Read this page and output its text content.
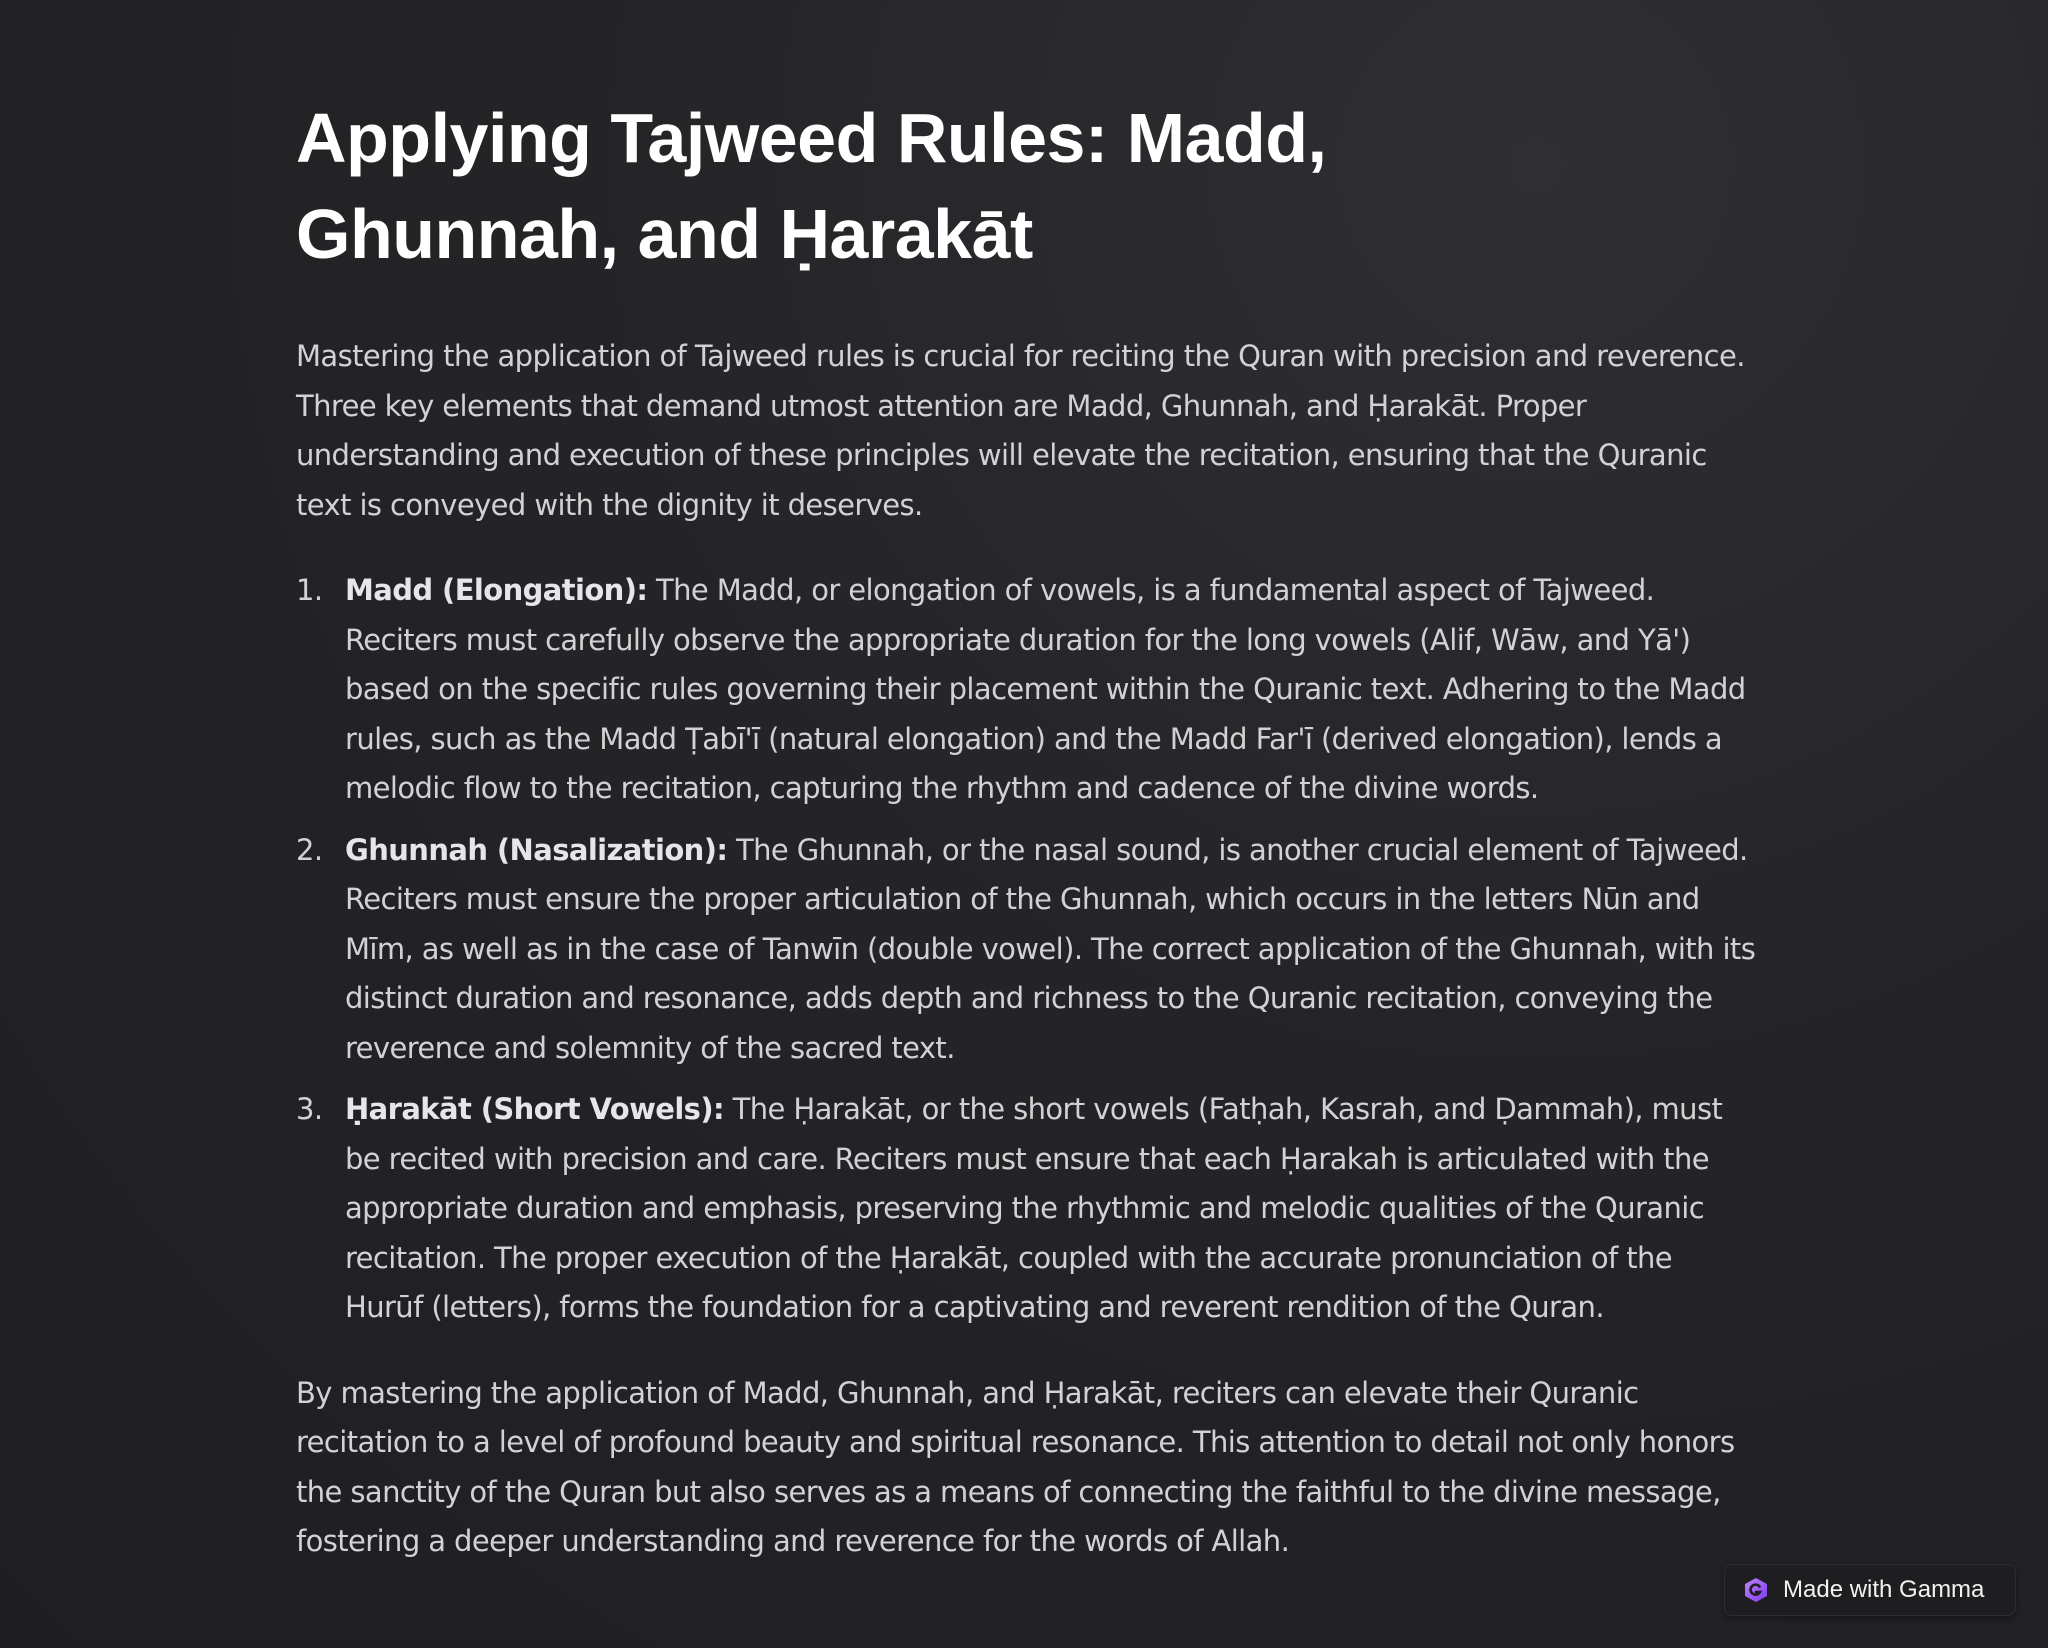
Applying Tajweed Rules: Madd,
Ghunnah, and Ḥarakāt

Mastering the application of Tajweed rules is crucial for reciting the Quran with precision and reverence. Three key elements that demand utmost attention are Madd, Ghunnah, and Ḥarakāt. Proper understanding and execution of these principles will elevate the recitation, ensuring that the Quranic text is conveyed with the dignity it deserves.

1. Madd (Elongation): The Madd, or elongation of vowels, is a fundamental aspect of Tajweed. Reciters must carefully observe the appropriate duration for the long vowels (Alif, Wāw, and Yā') based on the specific rules governing their placement within the Quranic text. Adhering to the Madd rules, such as the Madd Ṭabī'ī (natural elongation) and the Madd Far'ī (derived elongation), lends a melodic flow to the recitation, capturing the rhythm and cadence of the divine words.
2. Ghunnah (Nasalization): The Ghunnah, or the nasal sound, is another crucial element of Tajweed. Reciters must ensure the proper articulation of the Ghunnah, which occurs in the letters Nūn and Mīm, as well as in the case of Tanwīn (double vowel). The correct application of the Ghunnah, with its distinct duration and resonance, adds depth and richness to the Quranic recitation, conveying the reverence and solemnity of the sacred text.
3. Ḥarakāt (Short Vowels): The Ḥarakāt, or the short vowels (Fatḥah, Kasrah, and Ḍammah), must be recited with precision and care. Reciters must ensure that each Ḥarakah is articulated with the appropriate duration and emphasis, preserving the rhythmic and melodic qualities of the Quranic recitation. The proper execution of the Ḥarakāt, coupled with the accurate pronunciation of the Hurūf (letters), forms the foundation for a captivating and reverent rendition of the Quran.

By mastering the application of Madd, Ghunnah, and Ḥarakāt, reciters can elevate their Quranic recitation to a level of profound beauty and spiritual resonance. This attention to detail not only honors the sanctity of the Quran but also serves as a means of connecting the faithful to the divine message, fostering a deeper understanding and reverence for the words of Allah.

Made with Gamma
